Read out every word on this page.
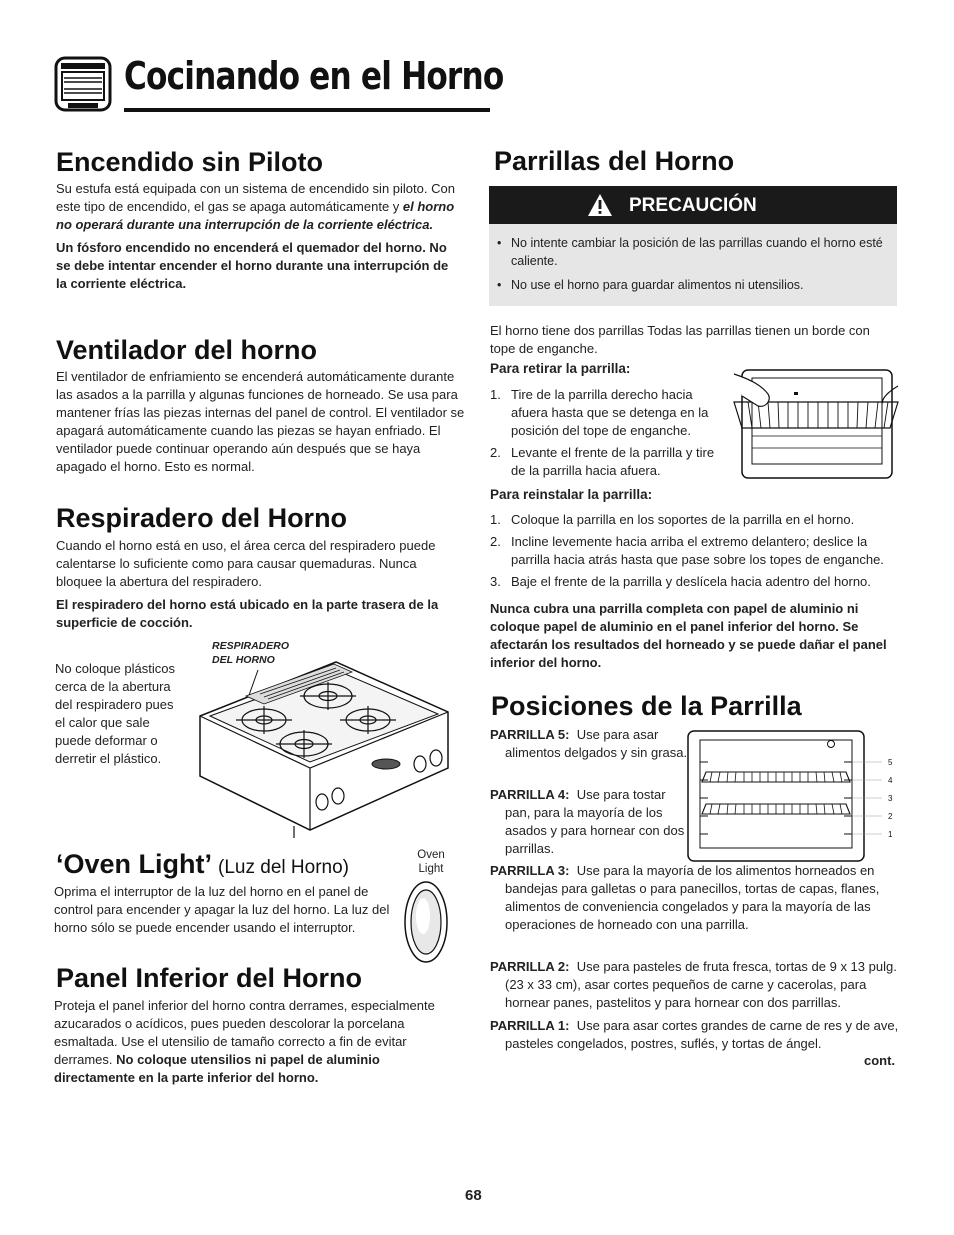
Cocinando en el Horno
Encendido sin Piloto

Su estufa está equipada con un sistema de encendido sin piloto. Con este tipo de encendido, el gas se apaga automáticamente y el horno no operará durante una interrupción de la corriente eléctrica.

Un fósforo encendido no encenderá el quemador del horno. No se debe intentar encender el horno durante una interrupción de la corriente eléctrica.

Ventilador del horno

El ventilador de enfriamiento se encenderá automáticamente durante las asados a la parrilla y algunas funciones de horneado. Se usa para mantener frías las piezas internas del panel de control. El ventilador se apagará automáticamente cuando las piezas se hayan enfriado. El ventilador puede continuar operando aún después que se haya apagado el horno. Esto es normal.

Respiradero del Horno

Cuando el horno está en uso, el área cerca del respiradero puede calentarse lo suficiente como para causar quemaduras. Nunca bloquee la abertura del respiradero.

El respiradero del horno está ubicado en la parte trasera de la superficie de cocción.

No coloque plásticos cerca de la abertura del respiradero pues el calor que sale puede deformar o derretir el plástico.

RESPIRADERO
DEL HORNO
‘Oven Light’ (Luz del Horno)

Oprima el interruptor de la luz del horno en el panel de control para encender y apagar la luz del horno. La luz del horno sólo se puede encender usando el interruptor.

Oven
Light
Panel Inferior del Horno

Proteja el panel inferior del horno contra derrames, especialmente azucarados o acídicos, pues pueden descolorar la porcelana esmaltada. Use el utensilio de tamaño correcto a fin de evitar derrames. No coloque utensilios ni papel de aluminio directamente en la parte inferior del horno.

Parrillas del Horno
PRECAUCIÓN
• No intente cambiar la posición de las parrillas cuando el horno esté caliente.
• No use el horno para guardar alimentos ni utensilios.

El horno tiene dos parrillas Todas las parrillas tienen un borde con tope de enganche.

Para retirar la parrilla:
1. Tire de la parrilla derecho hacia afuera hasta que se detenga en la posición del tope de enganche.
2. Levante el frente de la parrilla y tire de la parrilla hacia afuera.
Para reinstalar la parrilla:
1. Coloque la parrilla en los soportes de la parrilla en el horno.
2. Incline levemente hacia arriba el extremo delantero; deslice la parrilla hacia atrás hasta que pase sobre los topes de enganche.
3. Baje el frente de la parrilla y deslícela hacia adentro del horno.

Nunca cubra una parrilla completa con papel de aluminio ni coloque papel de aluminio en el panel inferior del horno. Se afectarán los resultados del horneado y se puede dañar el panel inferior del horno.

Posiciones de la Parrilla
PARRILLA 5: Use para asar alimentos delgados y sin grasa.
PARRILLA 4: Use para tostar pan, para la mayoría de los asados y para hornear con dos parrillas.
5
4
3
2
1
PARRILLA 3: Use para la mayoría de los alimentos horneados en bandejas para galletas o para panecillos, tortas de capas, flanes, alimentos de conveniencia congelados y para la mayoría de las operaciones de horneado con una parrilla.
PARRILLA 2: Use para pasteles de fruta fresca, tortas de 9 x 13 pulg. (23 x 33 cm), asar cortes pequeños de carne y cacerolas, para hornear panes, pastelitos y para hornear con dos parrillas.
PARRILLA 1: Use para asar cortes grandes de carne de res y de ave, pasteles congelados, postres, suflés, y tortas de ángel.
cont.
68
